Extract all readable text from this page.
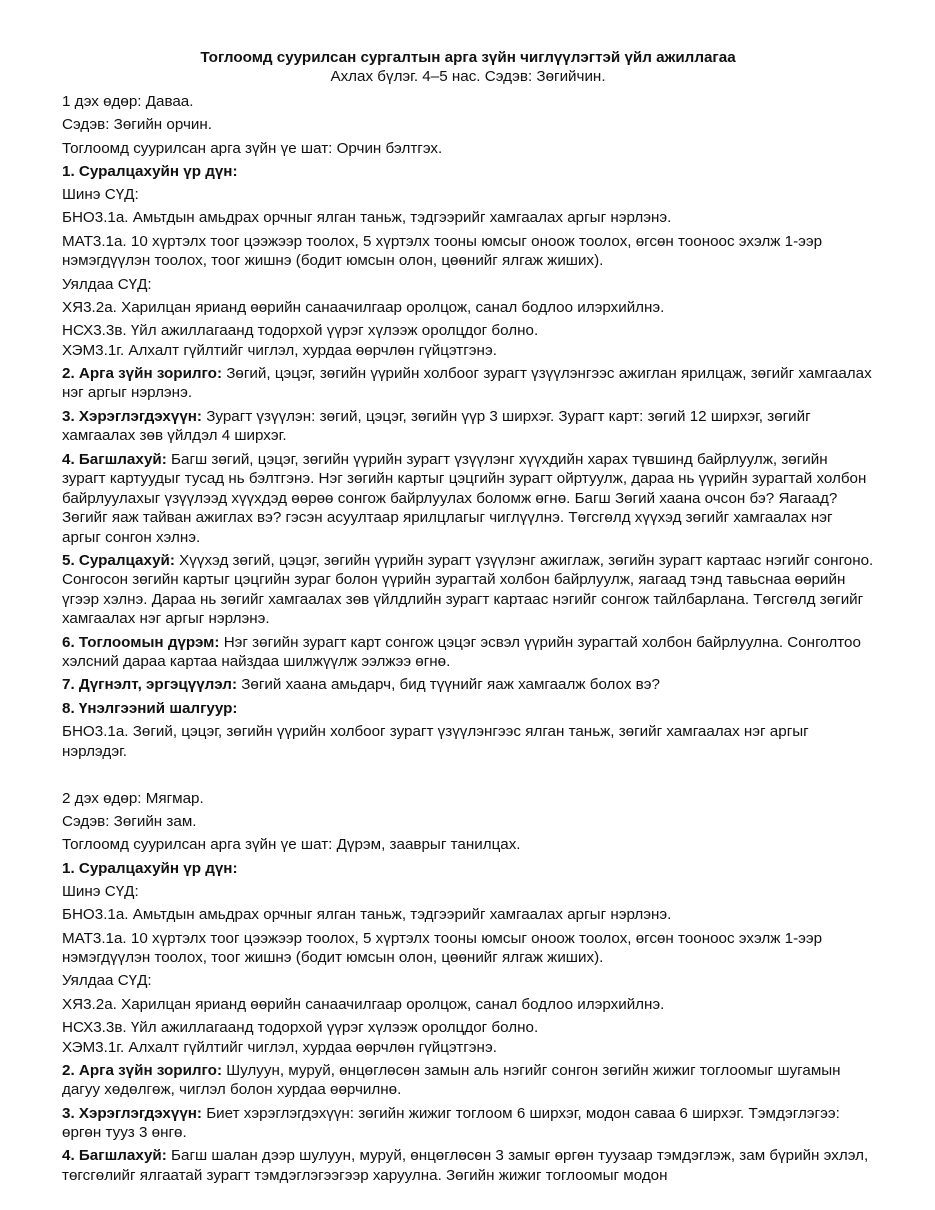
Тоглоомд суурилсан сургалтын арга зүйн чиглүүлэгтэй үйл ажиллагаа
Ахлах бүлэг. 4–5 нас. Сэдэв: Зөгийчин.
1 дэх өдөр: Даваа.
Сэдэв: Зөгийн орчин.
Тоглоомд суурилсан арга зүйн үе шат: Орчин бэлтгэх.
1. Суралцахуйн үр дүн:
Шинэ СҮД:
БНО3.1а. Амьтдын амьдрах орчныг ялган таньж, тэдгээрийг хамгаалах аргыг нэрлэнэ.
МАТ3.1а. 10 хүртэлх тоог цээжээр тоолох, 5 хүртэлх тооны юмсыг оноож тоолох, өгсөн тооноос эхэлж 1-ээр нэмэгдүүлэн тоолох, тоог жишнэ (бодит юмсын олон, цөөнийг ялгаж жиших).
Уялдаа СҮД:
ХЯ3.2а. Харилцан ярианд өөрийн санаачилгаар оролцож, санал бодлоо илэрхийлнэ.
НСХ3.3в. Үйл ажиллагаанд тодорхой үүрэг хүлээж оролцдог болно.
ХЭМ3.1г. Алхалт гүйлтийг чиглэл, хурдаа өөрчлөн гүйцэтгэнэ.
2. Арга зүйн зорилго: Зөгий, цэцэг, зөгийн үүрийн холбоог зурагт үзүүлэнгээс ажиглан ярилцаж, зөгийг хамгаалах нэг аргыг нэрлэнэ.
3. Хэрэглэгдэхүүн: Зурагт үзүүлэн: зөгий, цэцэг, зөгийн үүр 3 ширхэг. Зурагт карт: зөгий 12 ширхэг, зөгийг хамгаалах зөв үйлдэл 4 ширхэг.
4. Багшлахуй: Багш зөгий, цэцэг, зөгийн үүрийн зурагт үзүүлэнг хүүхдийн харах түвшинд байрлуулж, зөгийн зурагт картуудыг тусад нь бэлтгэнэ. Нэг зөгийн картыг цэцгийн зурагт ойртуулж, дараа нь үүрийн зурагтай холбон байрлуулахыг үзүүлээд хүүхдэд өөрөө сонгож байрлуулах боломж өгнө. Багш Зөгий хаана очсон бэ? Яагаад? Зөгийг яаж тайван ажиглах вэ? гэсэн асуултаар ярилцлагыг чиглүүлнэ. Төгсгөлд хүүхэд зөгийг хамгаалах нэг аргыг сонгон хэлнэ.
5. Суралцахуй: Хүүхэд зөгий, цэцэг, зөгийн үүрийн зурагт үзүүлэнг ажиглаж, зөгийн зурагт картаас нэгийг сонгоно. Сонгосон зөгийн картыг цэцгийн зураг болон үүрийн зурагтай холбон байрлуулж, яагаад тэнд тавьснаа өөрийн үгээр хэлнэ. Дараа нь зөгийг хамгаалах зөв үйлдлийн зурагт картаас нэгийг сонгож тайлбарлана. Төгсгөлд зөгийг хамгаалах нэг аргыг нэрлэнэ.
6. Тоглоомын дүрэм: Нэг зөгийн зурагт карт сонгож цэцэг эсвэл үүрийн зурагтай холбон байрлуулна. Сонголтоо хэлсний дараа картаа найздаа шилжүүлж ээлжээ өгнө.
7. Дүгнэлт, эргэцүүлэл: Зөгий хаана амьдарч, бид түүнийг яаж хамгаалж болох вэ?
8. Үнэлгээний шалгуур:
БНО3.1а. Зөгий, цэцэг, зөгийн үүрийн холбоог зурагт үзүүлэнгээс ялган таньж, зөгийг хамгаалах нэг аргыг нэрлэдэг.
2 дэх өдөр: Мягмар.
Сэдэв: Зөгийн зам.
Тоглоомд суурилсан арга зүйн үе шат: Дүрэм, зааврыг танилцах.
1. Суралцахуйн үр дүн:
Шинэ СҮД:
БНО3.1а. Амьтдын амьдрах орчныг ялган таньж, тэдгээрийг хамгаалах аргыг нэрлэнэ.
МАТ3.1а. 10 хүртэлх тоог цээжээр тоолох, 5 хүртэлх тооны юмсыг оноож тоолох, өгсөн тооноос эхэлж 1-ээр нэмэгдүүлэн тоолох, тоог жишнэ (бодит юмсын олон, цөөнийг ялгаж жиших).
Уялдаа СҮД:
ХЯ3.2а. Харилцан ярианд өөрийн санаачилгаар оролцож, санал бодлоо илэрхийлнэ.
НСХ3.3в. Үйл ажиллагаанд тодорхой үүрэг хүлээж оролцдог болно.
ХЭМ3.1г. Алхалт гүйлтийг чиглэл, хурдаа өөрчлөн гүйцэтгэнэ.
2. Арга зүйн зорилго: Шулуун, муруй, өнцөглөсөн замын аль нэгийг сонгон зөгийн жижиг тоглоомыг шугамын дагуу хөдөлгөж, чиглэл болон хурдаа өөрчилнө.
3. Хэрэглэгдэхүүн: Биет хэрэглэгдэхүүн: зөгийн жижиг тоглоом 6 ширхэг, модон саваа 6 ширхэг. Тэмдэглэгээ: өргөн тууз 3 өнгө.
4. Багшлахуй: Багш шалан дээр шулуун, муруй, өнцөглөсөн 3 замыг өргөн туузаар тэмдэглэж, зам бүрийн эхлэл, төгсгөлийг ялгаатай зурагт тэмдэглэгээгээр харуулна. Зөгийн жижиг тоглоомыг модон
